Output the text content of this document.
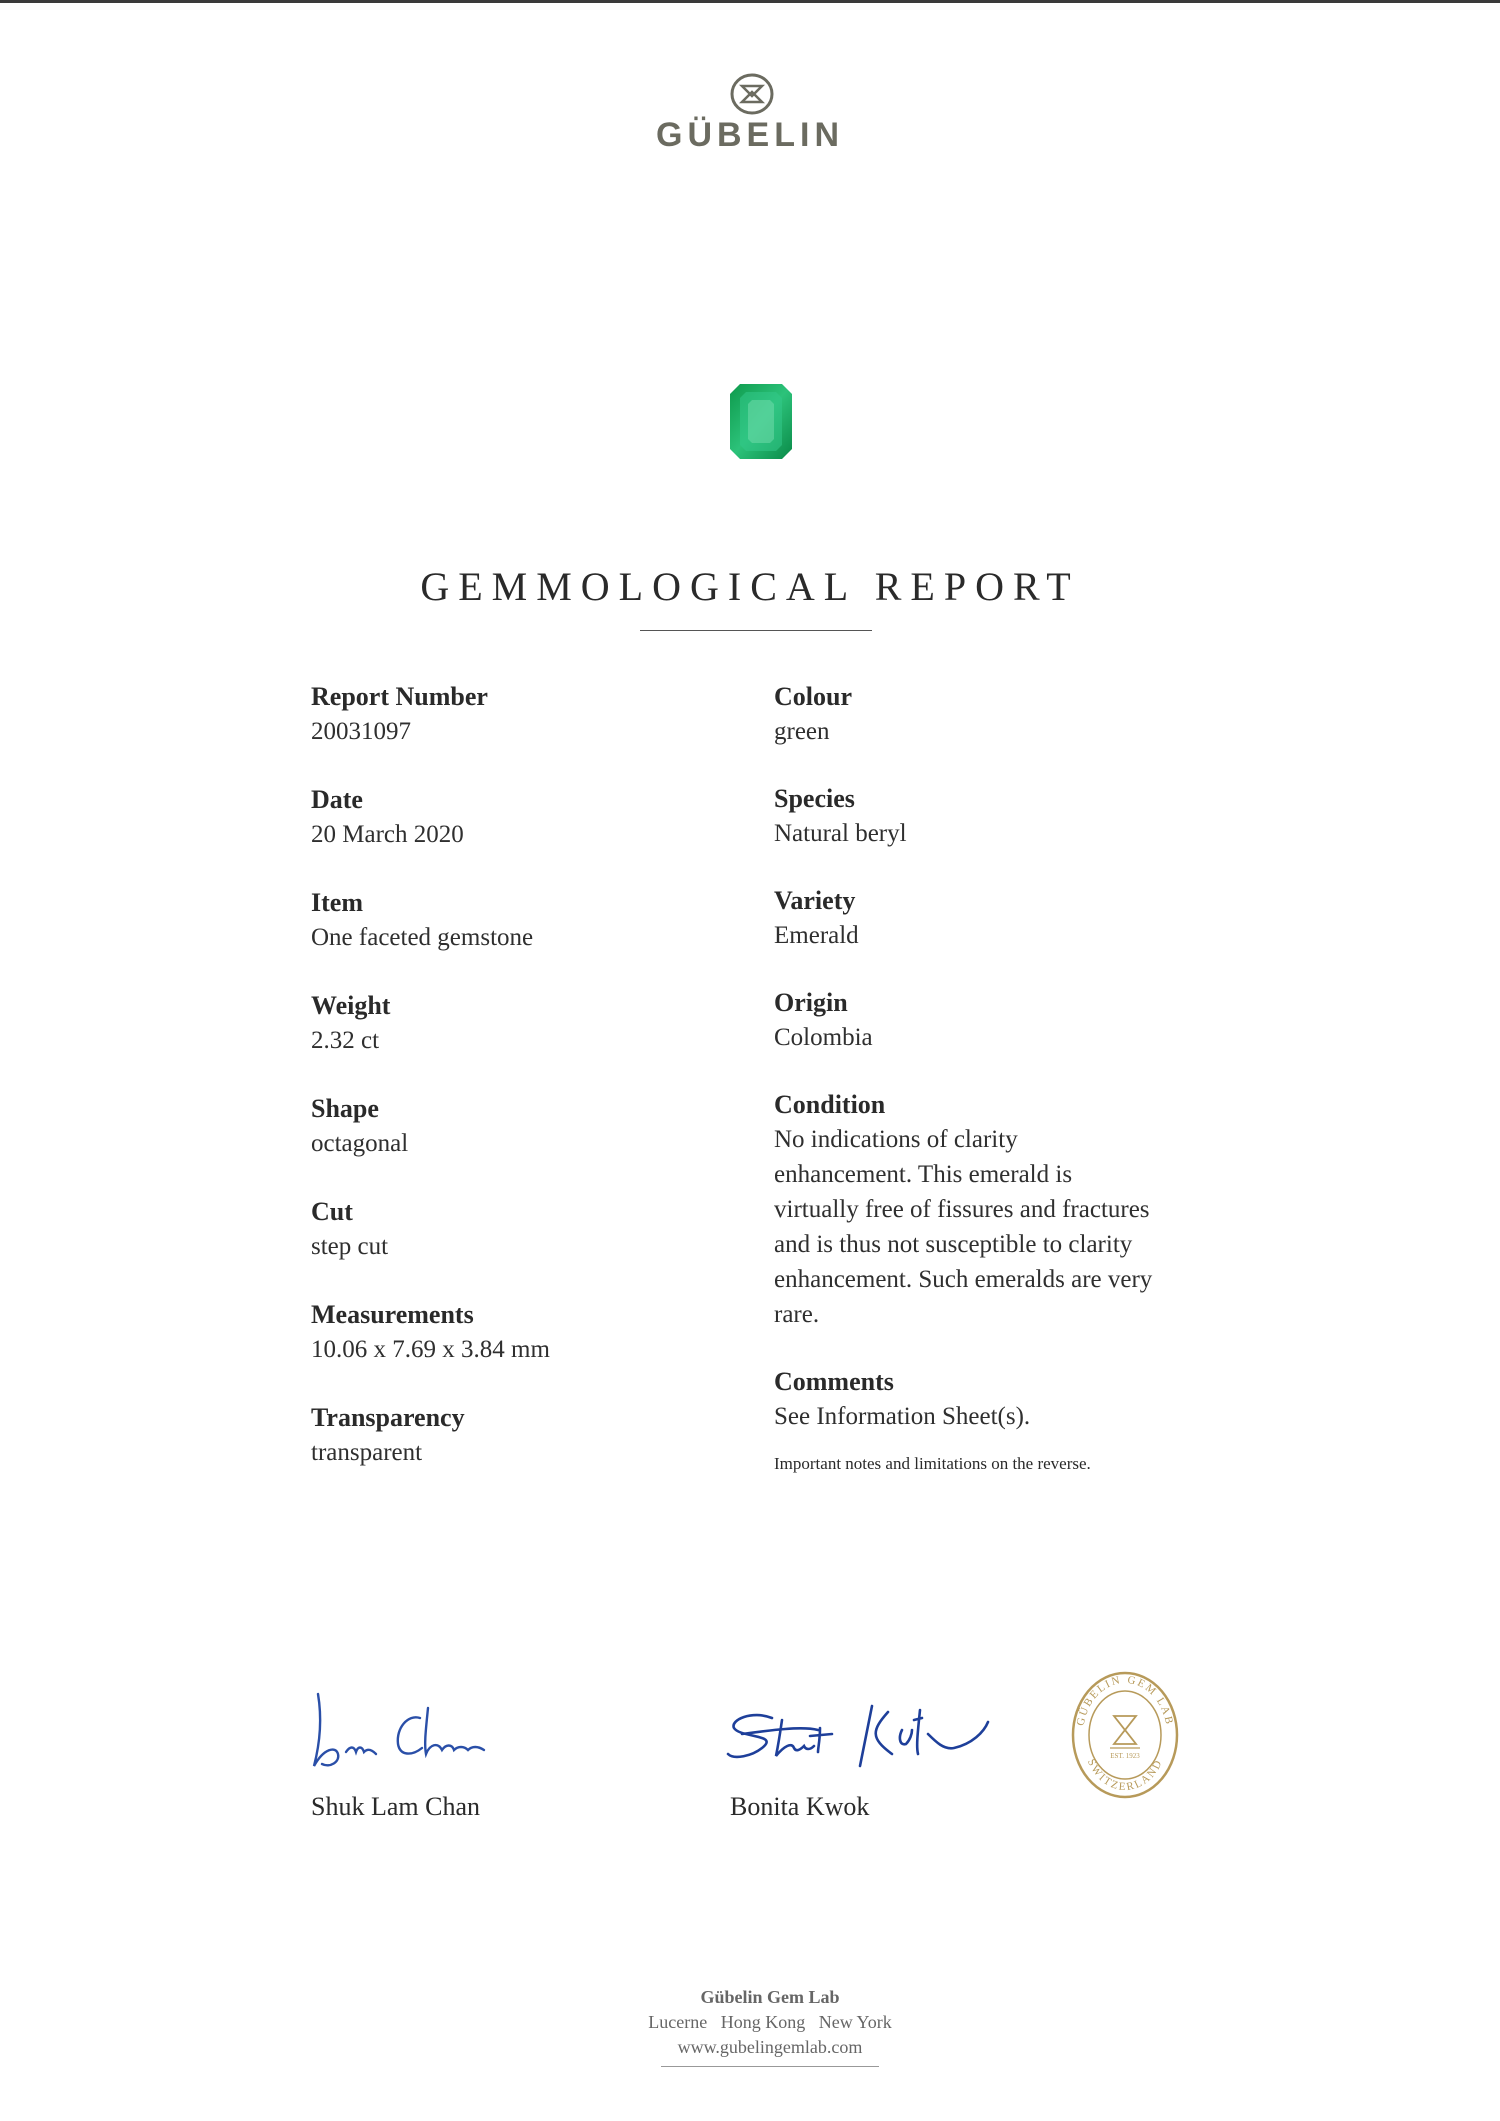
GÜBELIN
GEMMOLOGICAL REPORT
Report Number
20031097
Date
20 March 2020
Item
One faceted gemstone
Weight
2.32 ct
Shape
octagonal
Cut
step cut
Measurements
10.06 x 7.69 x 3.84 mm
Transparency
transparent
Colour
green
Species
Natural beryl
Variety
Emerald
Origin
Colombia
Condition
No indications of clarity
enhancement. This emerald is
virtually free of fissures and fractures
and is thus not susceptible to clarity
enhancement. Such emeralds are very
rare.
Comments
See Information Sheet(s).
Important notes and limitations on the reverse.
Shuk Lam Chan	Bonita Kwok
GÜBELIN GEM LAB
SWITZERLAND
EST. 1923
Gübelin Gem Lab
Lucerne   Hong Kong   New York
www.gubelingemlab.com
